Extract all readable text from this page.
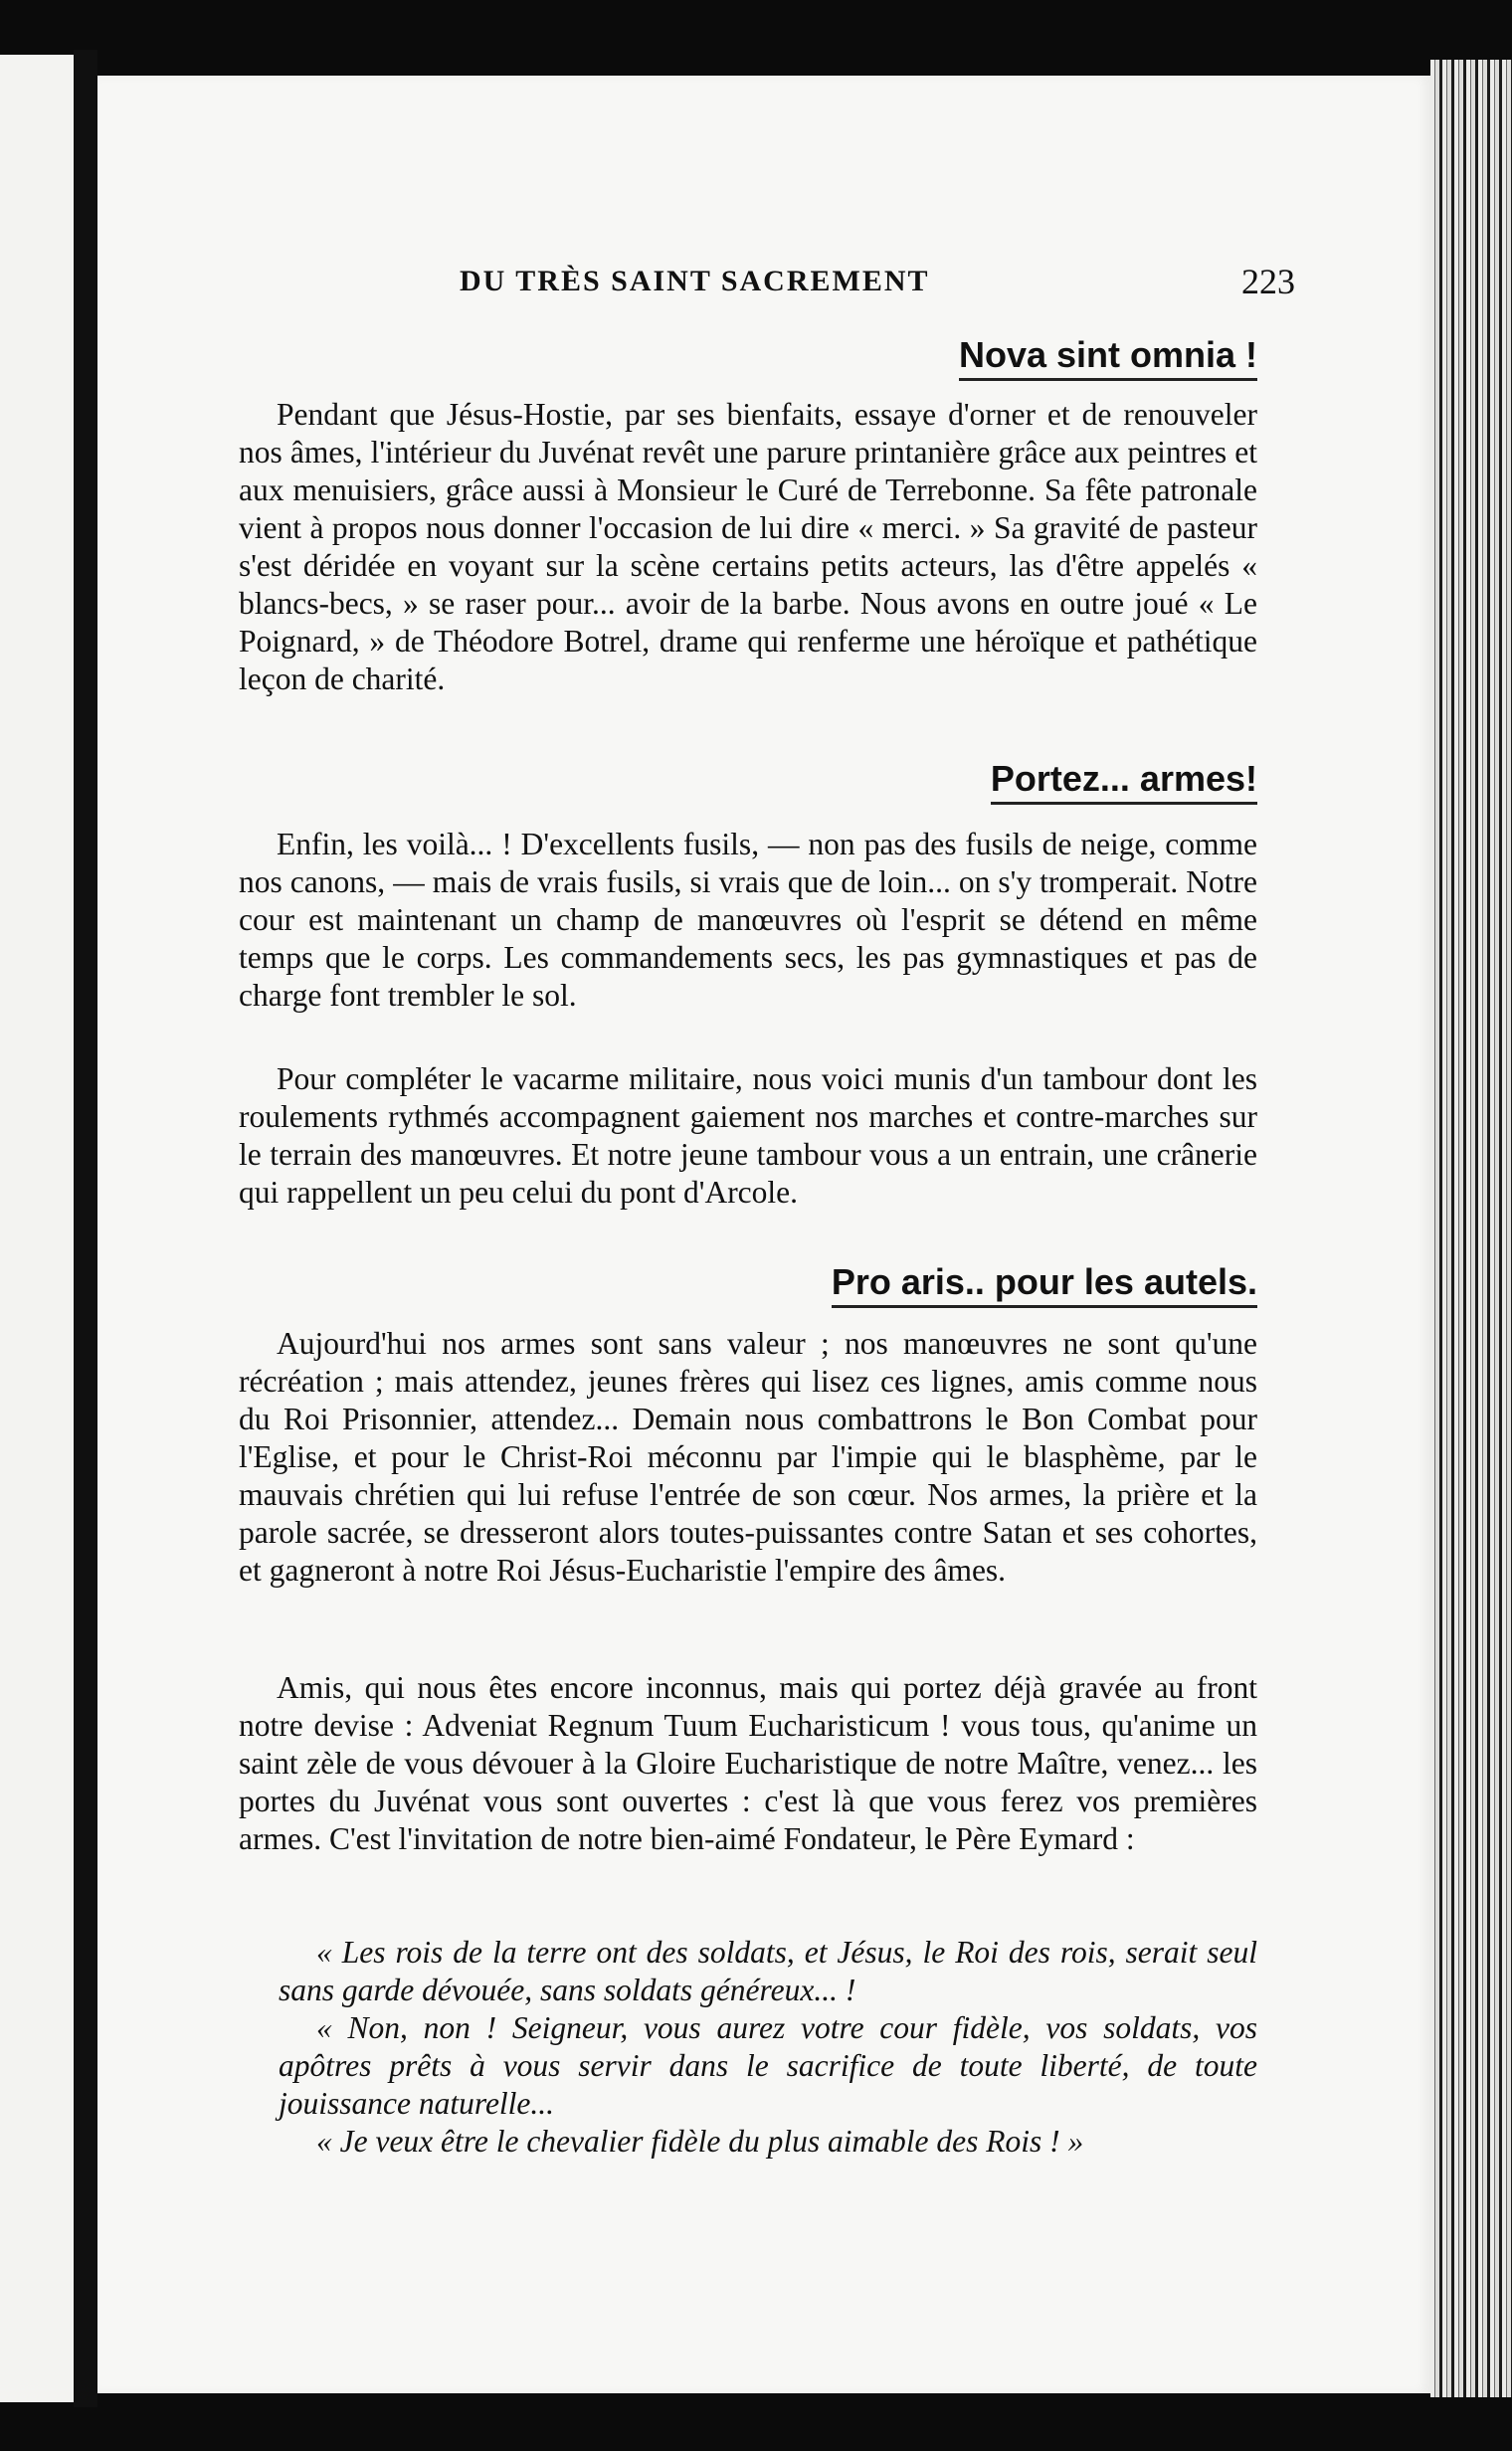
DU TRÈS SAINT SACREMENT	223
Nova sint omnia !
Pendant que Jésus-Hostie, par ses bienfaits, essaye d'orner et de renouveler nos âmes, l'intérieur du Juvénat revêt une parure printanière grâce aux peintres et aux menuisiers, grâce aussi à Monsieur le Curé de Terrebonne. Sa fête patronale vient à propos nous donner l'occasion de lui dire « merci. » Sa gravité de pasteur s'est déridée en voyant sur la scène certains petits acteurs, las d'être appelés « blancs-becs, » se raser pour... avoir de la barbe. Nous avons en outre joué « Le Poignard, » de Théodore Botrel, drame qui renferme une héroïque et pathétique leçon de charité.
Portez... armes!
Enfin, les voilà... ! D'excellents fusils, — non pas des fusils de neige, comme nos canons, — mais de vrais fusils, si vrais que de loin... on s'y tromperait. Notre cour est maintenant un champ de manœuvres où l'esprit se détend en même temps que le corps. Les commandements secs, les pas gymnastiques et pas de charge font trembler le sol.
Pour compléter le vacarme militaire, nous voici munis d'un tambour dont les roulements rythmés accompagnent gaiement nos marches et contre-marches sur le terrain des manœuvres. Et notre jeune tambour vous a un entrain, une crânerie qui rappellent un peu celui du pont d'Arcole.
Pro aris.. pour les autels.
Aujourd'hui nos armes sont sans valeur ; nos manœuvres ne sont qu'une récréation ; mais attendez, jeunes frères qui lisez ces lignes, amis comme nous du Roi Prisonnier, attendez... Demain nous combattrons le Bon Combat pour l'Eglise, et pour le Christ-Roi méconnu par l'impie qui le blasphème, par le mauvais chrétien qui lui refuse l'entrée de son cœur. Nos armes, la prière et la parole sacrée, se dresseront alors toutes-puissantes contre Satan et ses cohortes, et gagneront à notre Roi Jésus-Eucharistie l'empire des âmes.
Amis, qui nous êtes encore inconnus, mais qui portez déjà gravée au front notre devise : Adveniat Regnum Tuum Eucharisticum ! vous tous, qu'anime un saint zèle de vous dévouer à la Gloire Eucharistique de notre Maître, venez... les portes du Juvénat vous sont ouvertes : c'est là que vous ferez vos premières armes. C'est l'invitation de notre bien-aimé Fondateur, le Père Eymard :
« Les rois de la terre ont des soldats, et Jésus, le Roi des rois, serait seul sans garde dévouée, sans soldats généreux... !
« Non, non ! Seigneur, vous aurez votre cour fidèle, vos soldats, vos apôtres prêts à vous servir dans le sacrifice de toute liberté, de toute jouissance naturelle...
« Je veux être le chevalier fidèle du plus aimable des Rois ! »
